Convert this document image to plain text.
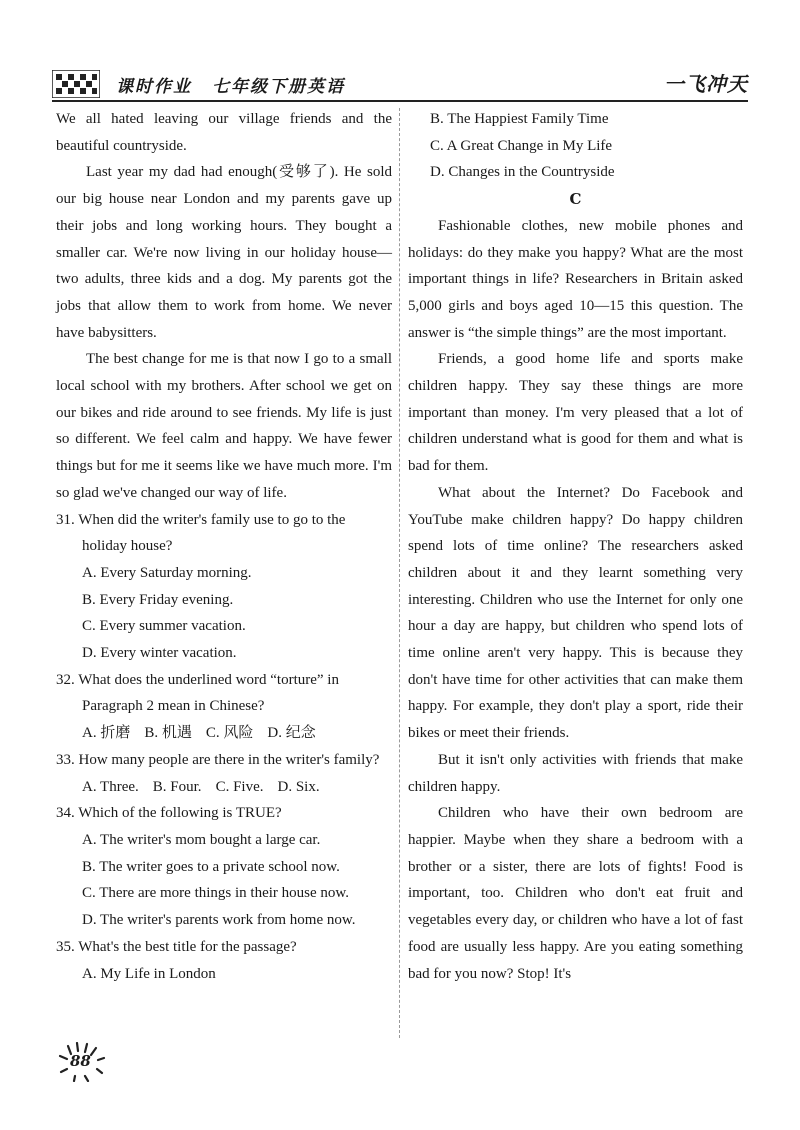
课时作业 七年级下册英语	一飞冲天

We all hated leaving our village friends and the beautiful countryside.

Last year my dad had enough(受够了). He sold our big house near London and my parents gave up their jobs and long working hours. They bought a smaller car. We're now living in our holiday house—two adults, three kids and a dog. My parents got the jobs that allow them to work from home. We never have babysitters.

The best change for me is that now I go to a small local school with my brothers. After school we get on our bikes and ride around to see friends. My life is just so different. We feel calm and happy. We have fewer things but for me it seems like we have much more. I'm so glad we've changed our way of life.

31. When did the writer's family use to go to the holiday house?

A. Every Saturday morning.

B. Every Friday evening.

C. Every summer vacation.

D. Every winter vacation.

32. What does the underlined word “torture” in Paragraph 2 mean in Chinese?

A. 折磨 B. 机遇 C. 风险 D. 纪念

33. How many people are there in the writer's family?

A. Three. B. Four. C. Five. D. Six.

34. Which of the following is TRUE?

A. The writer's mom bought a large car.

B. The writer goes to a private school now.

C. There are more things in their house now.

D. The writer's parents work from home now.

35. What's the best title for the passage?

A. My Life in London

B. The Happiest Family Time

C. A Great Change in My Life

D. Changes in the Countryside

C

Fashionable clothes, new mobile phones and holidays: do they make you happy? What are the most important things in life? Researchers in Britain asked 5,000 girls and boys aged 10—15 this question. The answer is “the simple things” are the most important.

Friends, a good home life and sports make children happy. They say these things are more important than money. I'm very pleased that a lot of children understand what is good for them and what is bad for them.

What about the Internet? Do Facebook and YouTube make children happy? Do happy children spend lots of time online? The researchers asked children about it and they learnt something very interesting. Children who use the Internet for only one hour a day are happy, but children who spend lots of time online aren't very happy. This is because they don't have time for other activities that can make them happy. For example, they don't play a sport, ride their bikes or meet their friends.

But it isn't only activities with friends that make children happy.

Children who have their own bedroom are happier. Maybe when they share a bedroom with a brother or a sister, there are lots of fights! Food is important, too. Children who don't eat fruit and vegetables every day, or children who have a lot of fast food are usually less happy. Are you eating something bad for you now? Stop! It's

88
